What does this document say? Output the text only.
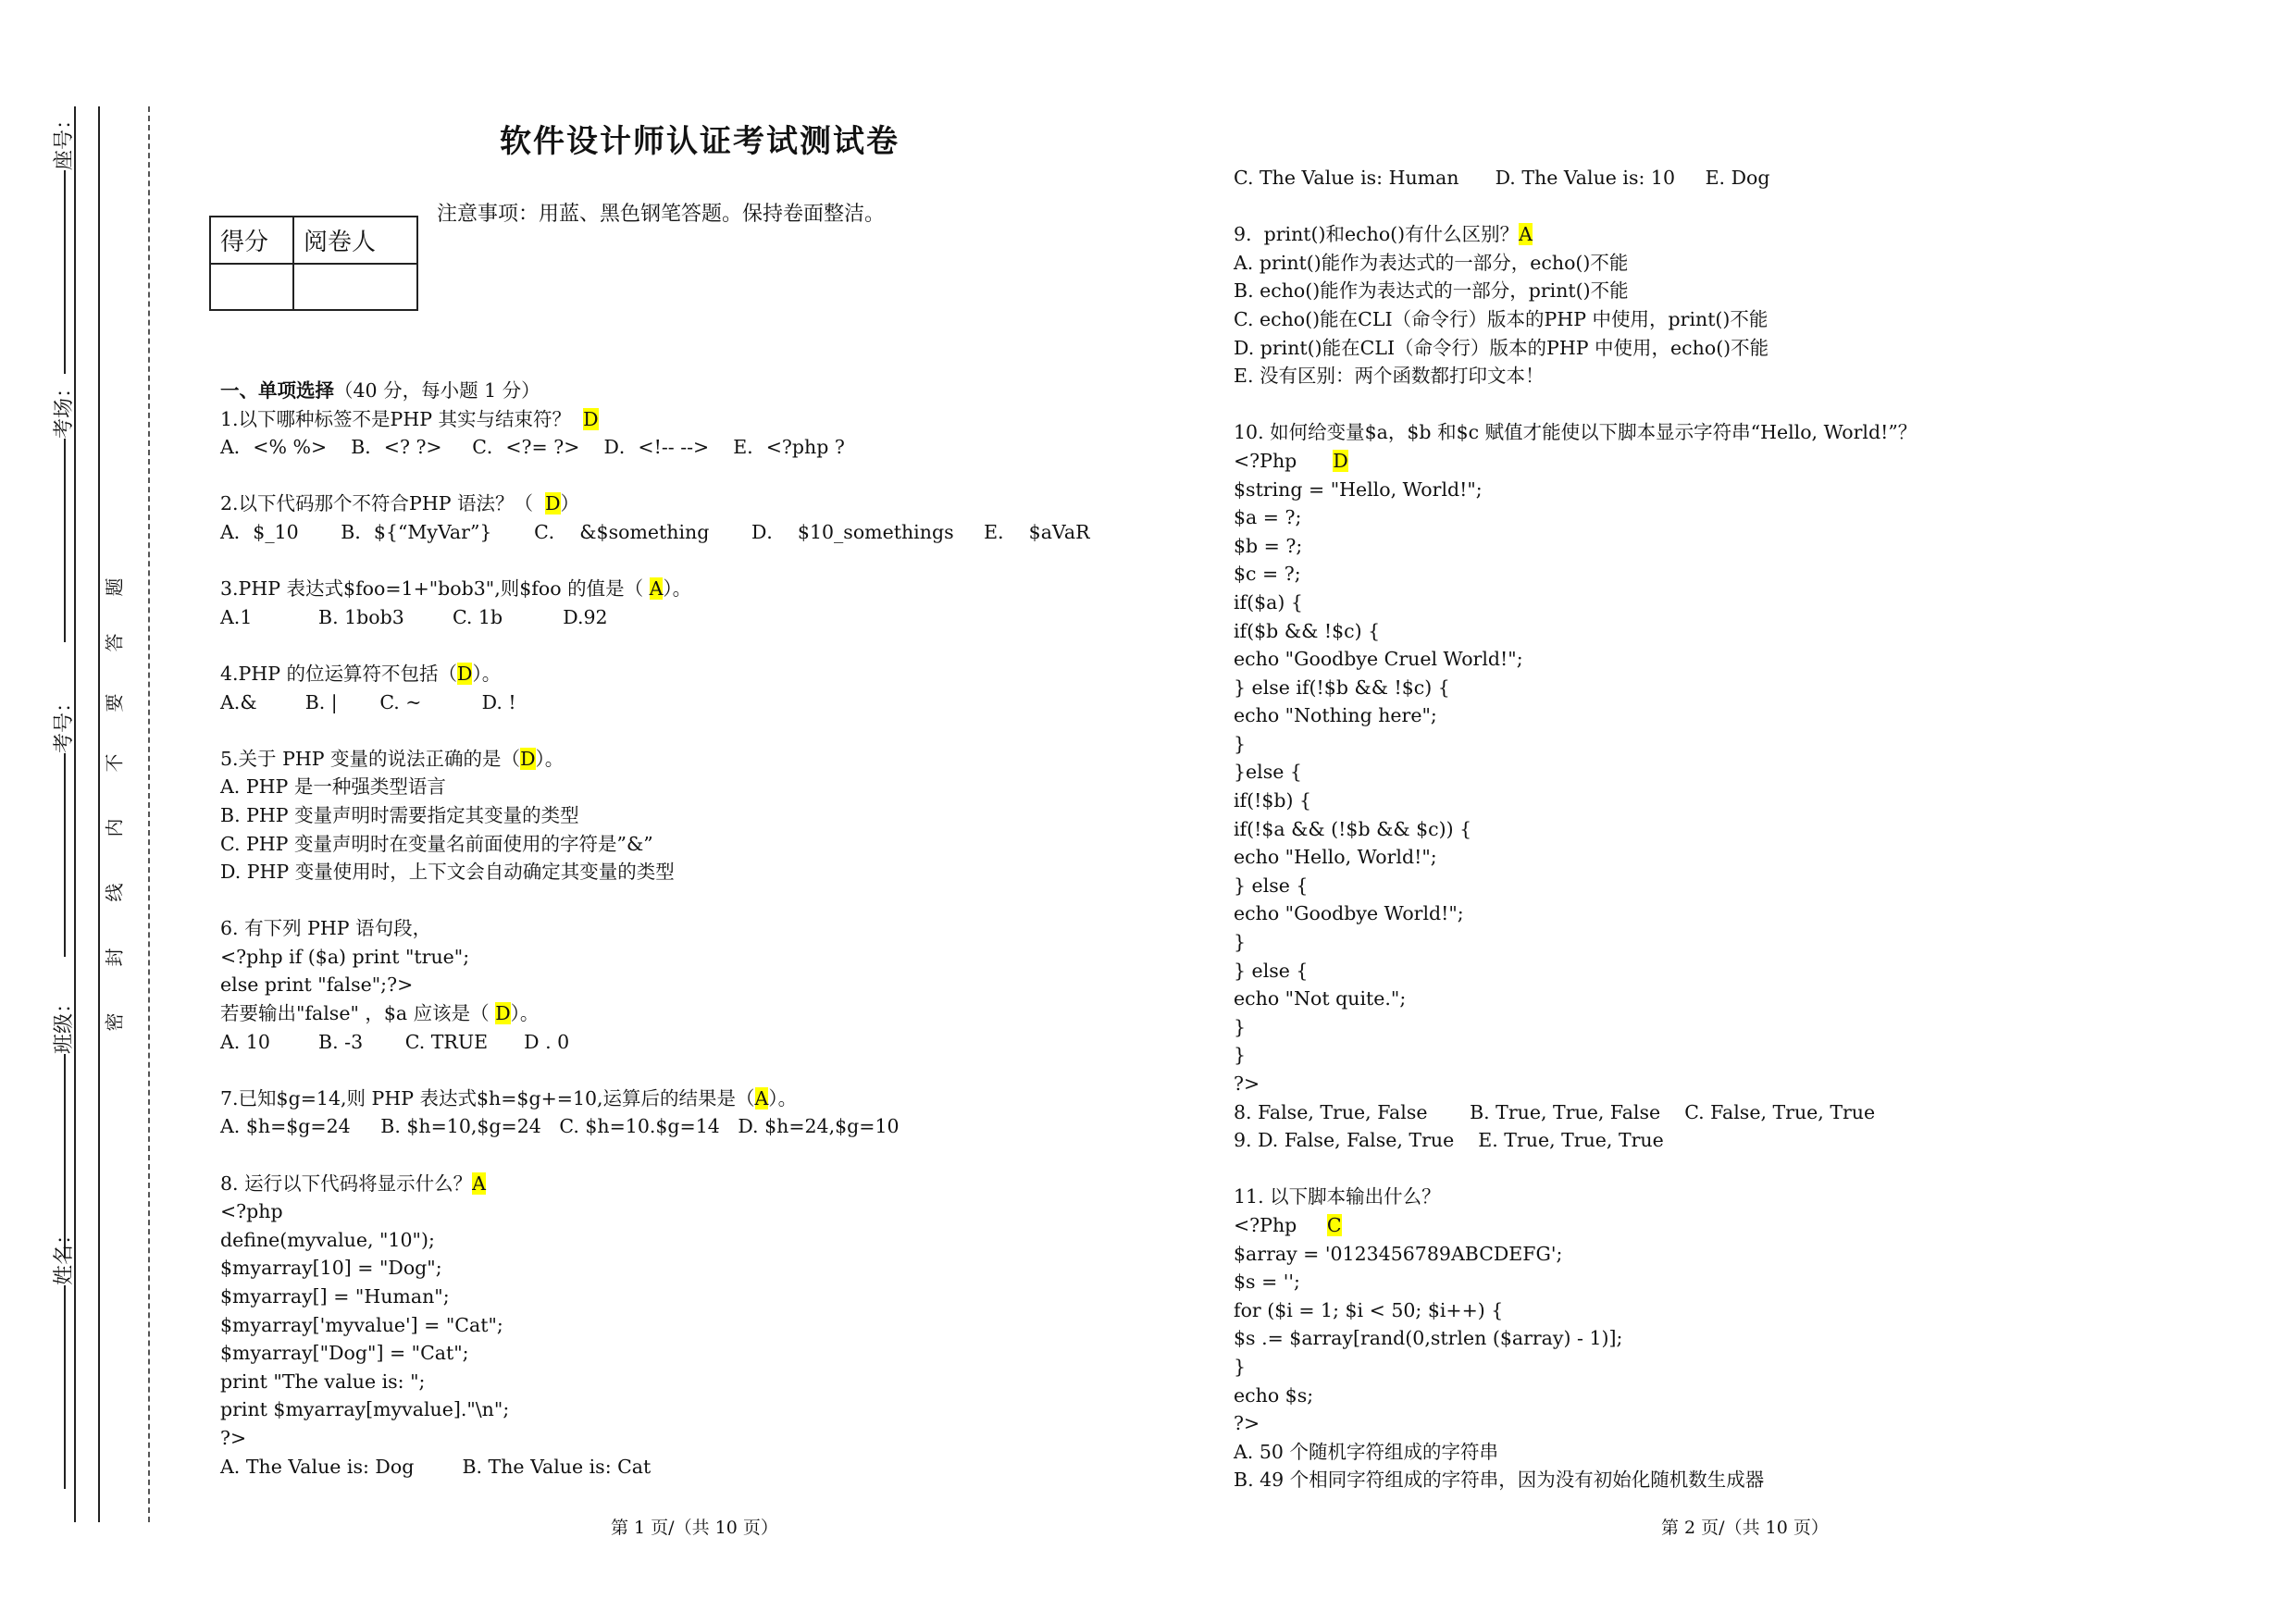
座号：
考场：
考号：
班级：
姓名：
密
封
线
内
不
要
答
题
软件设计师认证考试测试卷
得分	阅卷人

注意事项：用蓝、黑色钢笔答题。保持卷面整洁。
一、单项选择（40 分，每小题 1 分）
1.以下哪种标签不是PHP 其实与结束符？  D
A．<% %>    B．<? ?>     C．<?= ?>    D．<!-- -->    E．<?php ?
2.以下代码那个不符合PHP 语法？（  D）
A．$_10       B．${“MyVar”}       C．  &$something       D．  $10_somethings     E．  $aVaR
3.PHP 表达式$foo=1+"bob3",则$foo 的值是（ A）。
A.1           B. 1bob3        C. 1b          D.92
4.PHP 的位运算符不包括（D）。
A.&        B. |       C. ~          D. !
5.关于 PHP 变量的说法正确的是（D）。
A. PHP 是一种强类型语言
B. PHP 变量声明时需要指定其变量的类型
C. PHP 变量声明时在变量名前面使用的字符是”&”
D. PHP 变量使用时，上下文会自动确定其变量的类型
6. 有下列 PHP 语句段，
<?php if ($a) print "true";
else print "false";?>
若要输出"false" ，$a 应该是（ D）。
A. 10        B. -3       C. TRUE      D . 0
7.已知$g=14,则 PHP 表达式$h=$g+=10,运算后的结果是（A）。
A. $h=$g=24     B. $h=10,$g=24   C. $h=10.$g=14   D. $h=24,$g=10
8. 运行以下代码将显示什么？A
<?php
define(myvalue, "10");
$myarray[10] = "Dog";
$myarray[] = "Human";
$myarray['myvalue'] = "Cat";
$myarray["Dog"] = "Cat";
print "The value is: ";
print $myarray[myvalue]."\n";
?>
A. The Value is: Dog        B. The Value is: Cat
C. The Value is: Human      D. The Value is: 10     E. Dog
9.  print()和echo()有什么区别？A
A. print()能作为表达式的一部分，echo()不能
B. echo()能作为表达式的一部分，print()不能
C. echo()能在CLI（命令行）版本的PHP 中使用，print()不能
D. print()能在CLI（命令行）版本的PHP 中使用，echo()不能
E. 没有区别：两个函数都打印文本！
10. 如何给变量$a，$b 和$c 赋值才能使以下脚本显示字符串“Hello, World!”？
<?Php      D
$string = "Hello, World!";
$a = ?;
$b = ?;
$c = ?;
if($a) {
if($b && !$c) {
echo "Goodbye Cruel World!";
} else if(!$b && !$c) {
echo "Nothing here";
}
}else {
if(!$b) {
if(!$a && (!$b && $c)) {
echo "Hello, World!";
} else {
echo "Goodbye World!";
}
} else {
echo "Not quite.";
}
}
?>
8. False, True, False       B. True, True, False    C. False, True, True
9. D. False, False, True    E. True, True, True
11. 以下脚本输出什么？
<?Php     C
$array = '0123456789ABCDEFG';
$s = '';
for ($i = 1; $i < 50; $i++) {
$s .= $array[rand(0,strlen ($array) - 1)];
}
echo $s;
?>
A. 50 个随机字符组成的字符串
B. 49 个相同字符组成的字符串，因为没有初始化随机数生成器
第 1 页/（共 10 页）	第 2 页/（共 10 页）
